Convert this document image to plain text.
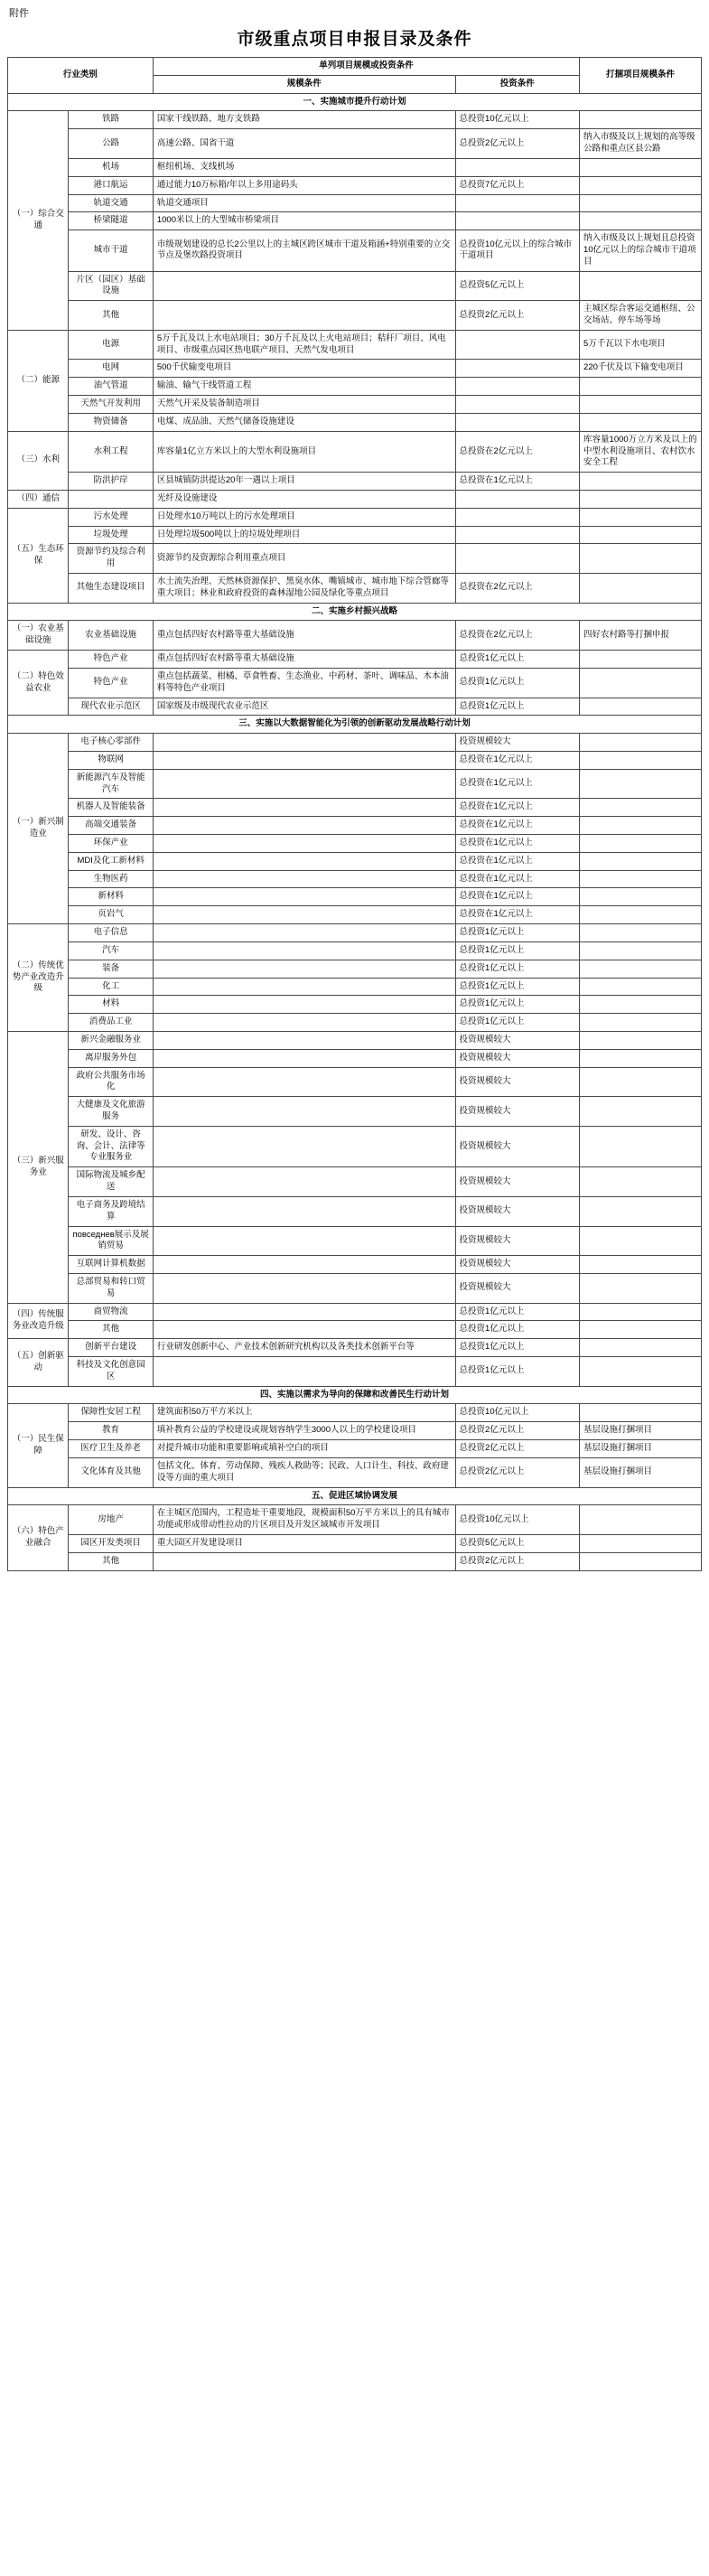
附件
市级重点项目申报目录及条件
行业类别		单列项目规模或投资条件		打捆项目规模条件
		规模条件	投资条件	
一、实施城市提升行动计划				
（一）综合交通	铁路	国家干线铁路、地方支铁路	总投资10亿元以上	
	公路	高速公路、国省干道	总投资2亿元以上	纳入市级及以上规划的高等级公路和重点区县公路
	机场	枢纽机场、支线机场		
	港口航运	通过能力10万标箱/年以上多用途码头	总投资7亿元以上	
	轨道交通	轨道交通项目		
	桥梁隧道	1000米以上的大型城市桥梁项目		
	城市干道	市级规划建设的总长2公里以上的主城区跨区城市干道及箱涵+特别重要的立交节点及堡坎路投资项目	总投资10亿元以上的综合城市干道项目	纳入市级及以上规划且总投资10亿元以上的综合城市干道项目
	片区（园区）基础设施		总投资5亿元以上	
	其他		总投资2亿元以上	主城区综合客运交通枢纽、公交场站、停车场等场
（二）能源	电源	5万千瓦及以上水电站项目；30万千瓦及以上火电站项目；秸秆厂项目、风电项目、市级重点园区热电联产项目、天然气发电项目		5万千瓦以下水电项目
	电网	500千伏输变电项目		220千伏及以下输变电项目
	油气管道	输油、输气干线管道工程		
	天然气开发利用	天然气开采及装备制造项目		
	物资储备	电煤、成品油、天然气储备设施建设		
（三）水利	水利工程	库容量1亿立方米以上的大型水利设施项目	总投资在2亿元以上	库容量1000万立方米及以上的中型水利设施项目、农村饮水安全工程
	防洪护岸	区县城镇防洪提达20年一遇以上项目	总投资在1亿元以上	
（四）通信		光纤及设施建设		
（五）生态环保	污水处理	日处理水10万吨以上的污水处理项目		
	垃圾处理	日处理垃圾500吨以上的垃圾处理项目		
	资源节约及综合利用	资源节约及资源综合利用重点项目		
	其他生态建设项目	水土流失治理、天然林资源保护、黑臭水体、嘴镇城市、城市地下综合管廊等重大项目；林业和政府投资的森林湿地公园及绿化等重点项目	总投资在2亿元以上	
二、实施乡村振兴战略				
（一）农业基础设施	农业基础设施	重点包括四好农村路等重大基础设施	总投资在2亿元以上	四好农村路等打捆申报
（二）特色效益农业	特色产业	重点包括四好农村路等重大基础设施	总投资1亿元以上	
	特色产业	重点包括蔬菜、柑橘、草食牲畜、生态渔业、中药材、茶叶、调味品、木本油料等特色产业项目	总投资1亿元以上	
	现代农业示范区	国家级及市级现代农业示范区	总投资1亿元以上	
三、实施以大数据智能化为引领的创新驱动发展战略行动计划				
（一）新兴制造业	电子核心零部件		投资规模较大	
	物联网		总投资在1亿元以上	
	新能源汽车及智能汽车		总投资在1亿元以上	
	机器人及智能装备		总投资在1亿元以上	
	高端交通装备		总投资在1亿元以上	
	环保产业		总投资在1亿元以上	
	MDI及化工新材料		总投资在1亿元以上	
	生物医药		总投资在1亿元以上	
	新材料		总投资在1亿元以上	
	页岩气		总投资在1亿元以上	
（二）传统优势产业改造升级	电子信息		总投资1亿元以上	
	汽车		总投资1亿元以上	
	装备		总投资1亿元以上	
	化工		总投资1亿元以上	
	材料		总投资1亿元以上	
	消费品工业		总投资1亿元以上	
（三）新兴服务业	新兴金融服务业		投资规模较大	
	离岸服务外包		投资规模较大	
	政府公共服务市场化		投资规模较大	
	大健康及文化旅游服务		投资规模较大	
	研发、设计、咨询、会计、法律等专业服务业		投资规模较大	
	国际物流及城乡配送		投资规模较大	
	电子商务及跨境结算		投资规模较大	
	повседнев展示及展销贸易		投资规模较大	
	互联网计算机数据		投资规模较大	
	总部贸易和转口贸易		投资规模较大	
（四）传统服务业改造升级	商贸物流		总投资1亿元以上	
	其他		总投资1亿元以上	
（五）创新驱动	创新平台建设	行业研发创新中心、产业技术创新研究机构以及各类技术创新平台等	总投资1亿元以上	
	科技及文化创意园区		总投资1亿元以上	
四、实施以需求为导向的保障和改善民生行动计划				
（一）民生保障	保障性安居工程	建筑面积50万平方米以上	总投资10亿元以上	
	教育	填补教育公益的学校建设或规划容纳学生3000人以上的学校建设项目	总投资2亿元以上	基层设施打捆项目
	医疗卫生及养老	对提升城市功能和重要影响或填补空白的项目	总投资2亿元以上	基层设施打捆项目
	文化体育及其他	包括文化、体育、劳动保障、残疾人救助等；民政、人口计生、科技、政府建设等方面的重大项目	总投资2亿元以上	基层设施打捆项目
五、促进区域协调发展				
（六）特色产业融合	房地产	在主城区范围内，工程造址干重要地段，规模面积50万平方米以上的具有城市功能或形成带动性拉动的片区项目及开发区域城市开发项目	总投资10亿元以上	
	园区开发类项目	重大园区开发建设项目	总投资5亿元以上	
	其他		总投资2亿元以上	
